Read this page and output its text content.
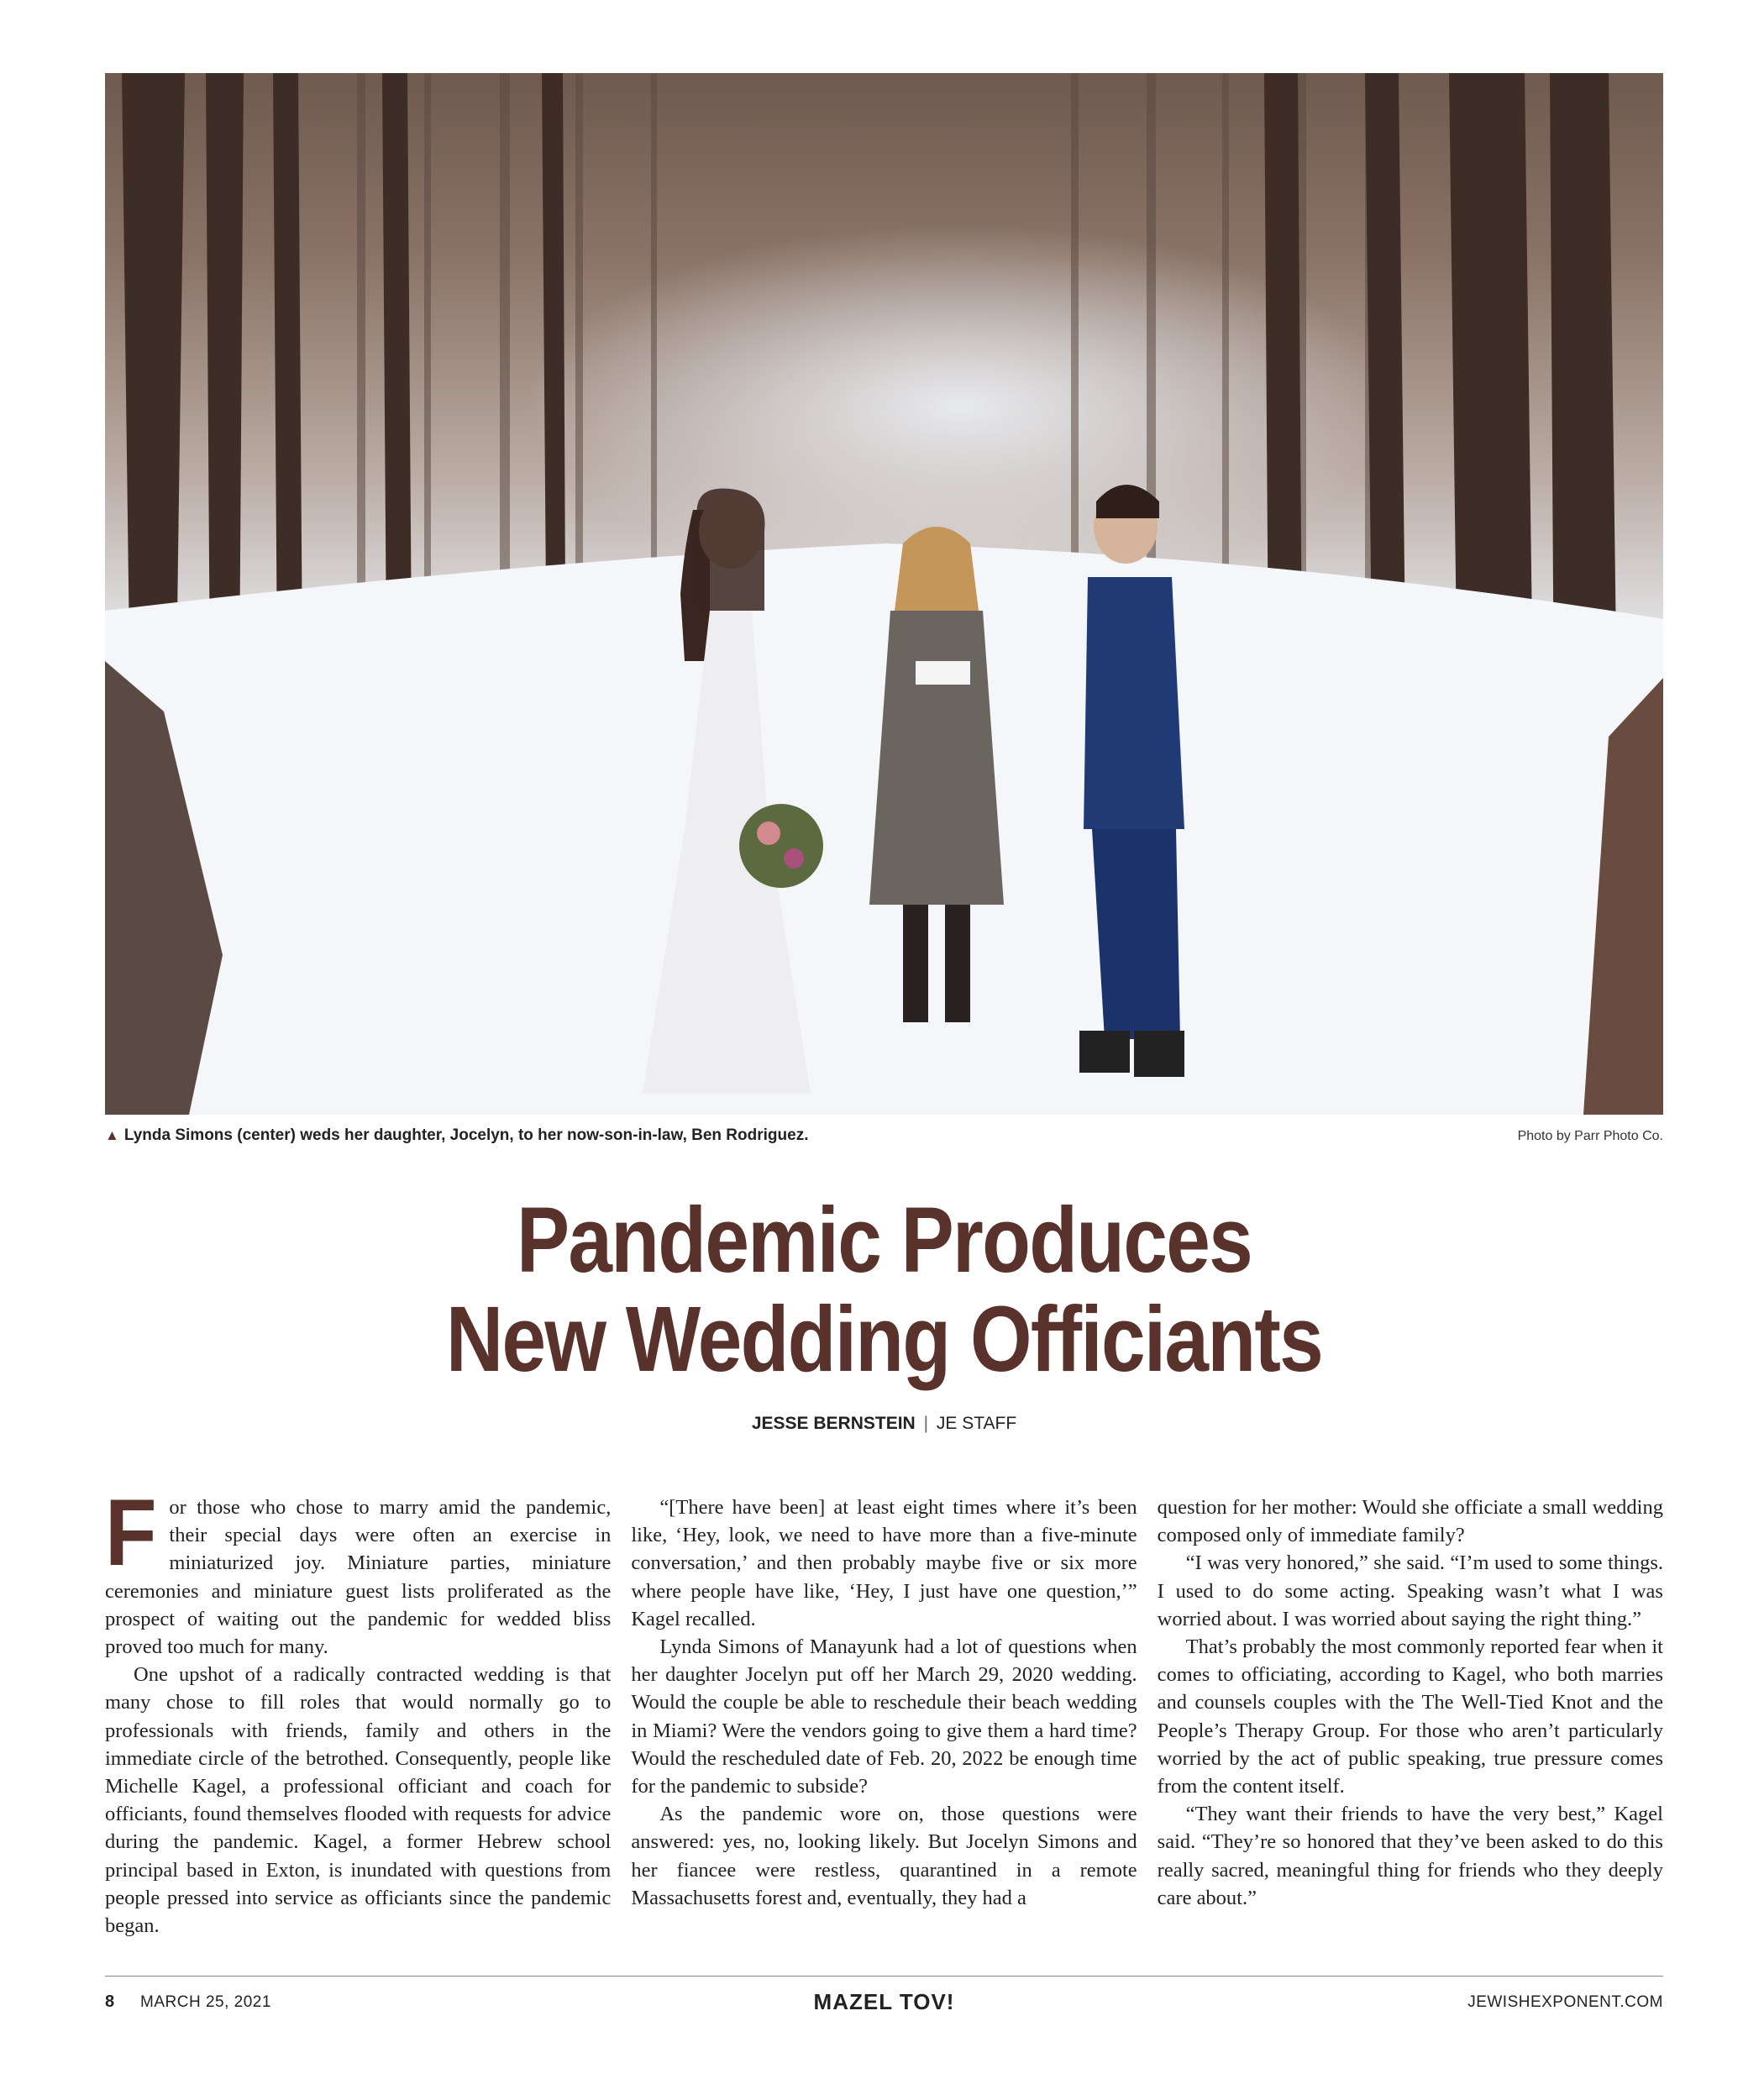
▲ Lynda Simons (center) weds her daughter, Jocelyn, to her now-son-in-law, Ben Rodriguez.	Photo by Parr Photo Co.
Pandemic Produces
New Wedding Officiants
JESSE BERNSTEIN | JE STAFF

For those who chose to marry amid the pandemic, their special days were often an exercise in miniaturized joy. Miniature parties, miniature ceremonies and miniature guest lists proliferated as the prospect of waiting out the pandemic for wedded bliss proved too much for many.

One upshot of a radically contracted wedding is that many chose to fill roles that would normally go to professionals with friends, family and others in the immediate circle of the betrothed. Consequently, people like Michelle Kagel, a professional officiant and coach for officiants, found themselves flooded with requests for advice during the pandemic. Kagel, a former Hebrew school principal based in Exton, is inundated with questions from people pressed into service as officiants since the pandemic began.

“[There have been] at least eight times where it’s been like, ‘Hey, look, we need to have more than a five-minute conversation,’ and then probably maybe five or six more where people have like, ‘Hey, I just have one question,’” Kagel recalled.

Lynda Simons of Manayunk had a lot of questions when her daughter Jocelyn put off her March 29, 2020 wedding. Would the couple be able to reschedule their beach wedding in Miami? Were the vendors going to give them a hard time? Would the rescheduled date of Feb. 20, 2022 be enough time for the pandemic to subside?

As the pandemic wore on, those questions were answered: yes, no, looking likely. But Jocelyn Simons and her fiancee were restless, quarantined in a remote Massachusetts forest and, eventually, they had a

question for her mother: Would she officiate a small wedding composed only of immediate family?

“I was very honored,” she said. “I’m used to some things. I used to do some acting. Speaking wasn’t what I was worried about. I was worried about saying the right thing.”

That’s probably the most commonly reported fear when it comes to officiating, according to Kagel, who both marries and counsels couples with the The Well-Tied Knot and the People’s Therapy Group. For those who aren’t particularly worried by the act of public speaking, true pressure comes from the content itself.

“They want their friends to have the very best,” Kagel said. “They’re so honored that they’ve been asked to do this really sacred, meaningful thing for friends who they deeply care about.”

8 MARCH 25, 2021	MAZEL TOV!	JEWISHEXPONENT.COM
